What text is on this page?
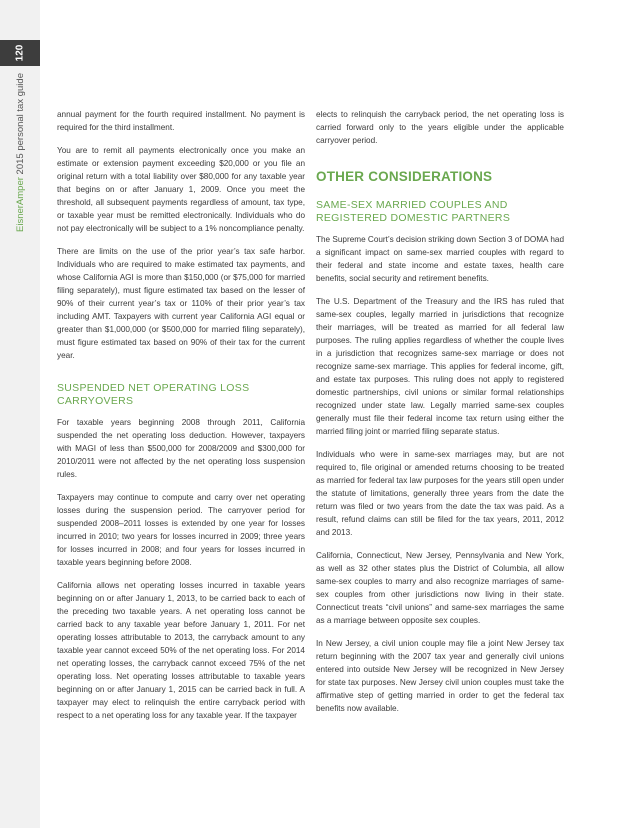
120
EisnerAmper 2015 personal tax guide	annual payment for the fourth required installment. No payment is required for the third installment.

You are to remit all payments electronically once you make an estimate or extension payment exceeding $20,000 or you file an original return with a total liability over $80,000 for any taxable year that begins on or after January 1, 2009. Once you meet the threshold, all subsequent payments regardless of amount, tax type, or taxable year must be remitted electronically. Individuals who do not pay electronically will be subject to a 1% noncompliance penalty.

There are limits on the use of the prior year’s tax safe harbor. Individuals who are required to make estimated tax payments, and whose California AGI is more than $150,000 (or $75,000 for married filing separately), must figure estimated tax based on the lesser of 90% of their current year’s tax or 110% of their prior year’s tax including AMT. Taxpayers with current year California AGI equal or greater than $1,000,000 (or $500,000 for married filing separately), must figure estimated tax based on 90% of their tax for the current year.

SUSPENDED NET OPERATING LOSS CARRYOVERS

For taxable years beginning 2008 through 2011, California suspended the net operating loss deduction. However, taxpayers with MAGI of less than $500,000 for 2008/2009 and $300,000 for 2010/2011 were not affected by the net operating loss suspension rules.

Taxpayers may continue to compute and carry over net operating losses during the suspension period. The carryover period for suspended 2008–2011 losses is extended by one year for losses incurred in 2010; two years for losses incurred in 2009; three years for losses incurred in 2008; and four years for losses incurred in taxable years beginning before 2008.

California allows net operating losses incurred in taxable years beginning on or after January 1, 2013, to be carried back to each of the preceding two taxable years. A net operating loss cannot be carried back to any taxable year before January 1, 2011. For net operating losses attributable to 2013, the carryback amount to any taxable year cannot exceed 50% of the net operating loss. For 2014 net operating losses, the carryback cannot exceed 75% of the net operating loss. Net operating losses attributable to taxable years beginning on or after January 1, 2015 can be carried back in full. A taxpayer may elect to relinquish the entire carryback period with respect to a net operating loss for any taxable year. If the taxpayer

elects to relinquish the carryback period, the net operating loss is carried forward only to the years eligible under the applicable carryover period.

OTHER CONSIDERATIONS
SAME-SEX MARRIED COUPLES AND REGISTERED DOMESTIC PARTNERS

The Supreme Court’s decision striking down Section 3 of DOMA had a significant impact on same-sex married couples with regard to their federal and state income and estate taxes, health care benefits, social security and retirement benefits.

The U.S. Department of the Treasury and the IRS has ruled that same-sex couples, legally married in jurisdictions that recognize their marriages, will be treated as married for all federal law purposes. The ruling applies regardless of whether the couple lives in a jurisdiction that recognizes same-sex marriage or does not recognize same-sex marriage. This applies for federal income, gift, and estate tax purposes. This ruling does not apply to registered domestic partnerships, civil unions or similar formal relationships recognized under state law. Legally married same-sex couples generally must file their federal income tax return using either the married filing joint or married filing separate status.

Individuals who were in same-sex marriages may, but are not required to, file original or amended returns choosing to be treated as married for federal tax law purposes for the years still open under the statute of limitations, generally three years from the date the return was filed or two years from the date the tax was paid. As a result, refund claims can still be filed for the tax years, 2011, 2012 and 2013.

California, Connecticut, New Jersey, Pennsylvania and New York, as well as 32 other states plus the District of Columbia, all allow same-sex couples to marry and also recognize marriages of same-sex couples from other jurisdictions now living in their state. Connecticut treats “civil unions” and same-sex marriages the same as a marriage between opposite sex couples.

In New Jersey, a civil union couple may file a joint New Jersey tax return beginning with the 2007 tax year and generally civil unions entered into outside New Jersey will be recognized in New Jersey for state tax purposes. New Jersey civil union couples must take the affirmative step of getting married in order to get the federal tax benefits now available.
